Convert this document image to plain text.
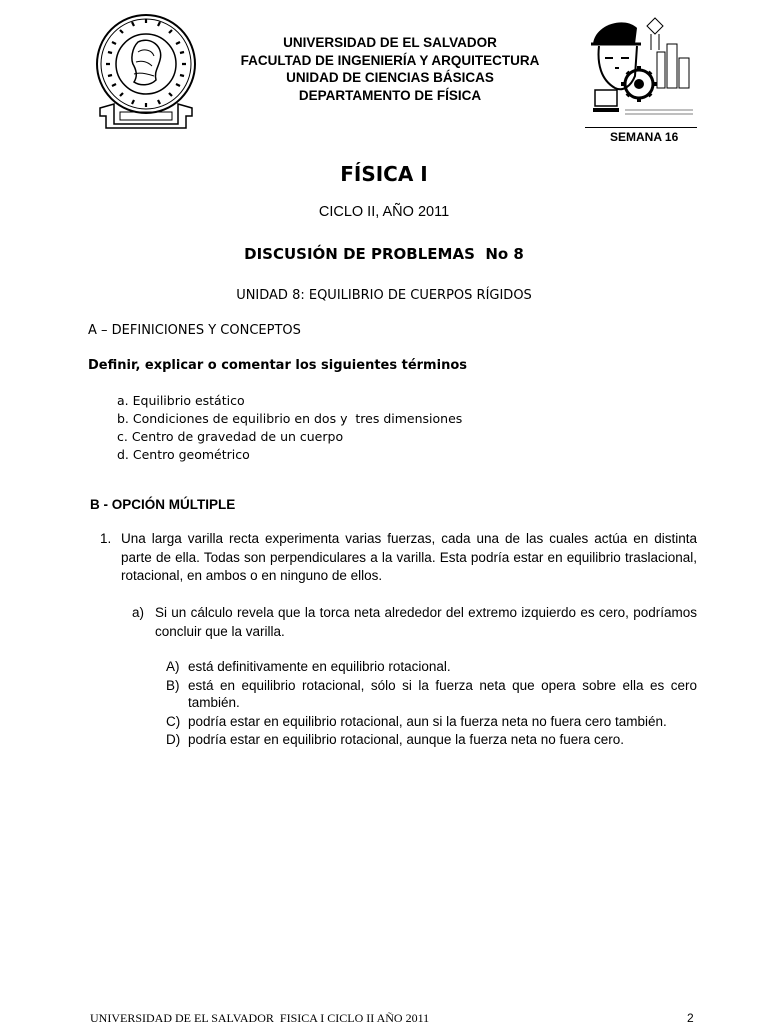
UNIVERSIDAD DE EL SALVADOR
FACULTAD DE INGENIERÍA Y ARQUITECTURA
UNIDAD DE CIENCIAS BÁSICAS
DEPARTAMENTO DE FÍSICA
SEMANA 16
FÍSICA I
CICLO II, AÑO 2011
DISCUSIÓN DE PROBLEMAS  No 8
UNIDAD 8: EQUILIBRIO DE CUERPOS RÍGIDOS
A – DEFINICIONES Y CONCEPTOS
Definir, explicar o comentar los siguientes términos
a. Equilibrio estático
b. Condiciones de equilibrio en dos y  tres dimensiones
c. Centro de gravedad de un cuerpo
d. Centro geométrico
B - OPCIÓN MÚLTIPLE
1. Una larga varilla recta experimenta varias fuerzas, cada una de las cuales actúa en distinta parte de ella. Todas son perpendiculares a la varilla. Esta podría estar en equilibrio traslacional, rotacional, en ambos o en ninguno de ellos.
a) Si un cálculo revela que la torca neta alrededor del extremo izquierdo es cero, podríamos concluir que la varilla.
A) está definitivamente en equilibrio rotacional.
B) está en equilibrio rotacional, sólo si la fuerza neta que opera sobre ella es cero también.
C) podría estar en equilibrio rotacional, aun si la fuerza neta no fuera cero también.
D) podría estar en equilibrio rotacional, aunque la fuerza neta no fuera cero.
UNIVERSIDAD DE EL SALVADOR  FISICA I CICLO II AÑO 2011	2
